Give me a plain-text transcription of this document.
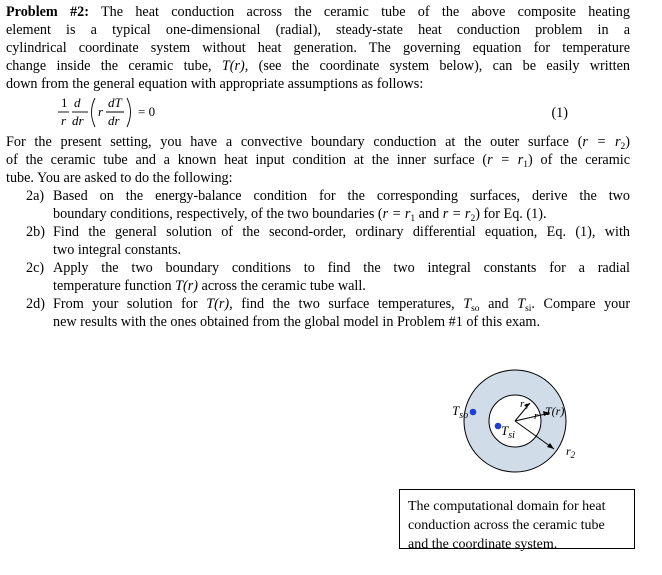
Problem #2: The heat conduction across the ceramic tube of the above composite heating

element is a typical one-dimensional (radial), steady-state heat conduction problem in a

cylindrical coordinate system without heat generation. The governing equation for temperature

change inside the ceramic tube, T(r), (see the coordinate system below), can be easily written

down from the general equation with appropriate assumptions as follows:

1
r
d
dr
r
dT
dr
= 0	(1)

For the present setting, you have a convective boundary conduction at the outer surface $(r = r_2)$

of the ceramic tube and a known heat input condition at the inner surface $(r = r_1)$ of the ceramic

tube. You are asked to do the following:

2a) Based on the energy-balance condition for the corresponding surfaces, derive the two

boundary conditions, respectively, of the two boundaries ($r = r_1$ and $r = r_2$) for Eq. (1).

2b) Find the general solution of the second-order, ordinary differential equation, Eq. (1), with

two integral constants.

2c) Apply the two boundary conditions to find the two integral constants for a radial

temperature function T(r) across the ceramic tube wall.

2d) From your solution for T(r), find the two surface temperatures, $T_{so}$ and $T_{si}$. Compare your

new results with the ones obtained from the global model in Problem #1 of this exam.

$T_{so}$
$T_{si}$
T(r)
r1
r
$r_2$
The computational domain for heat
conduction across the ceramic tube
and the coordinate system.
